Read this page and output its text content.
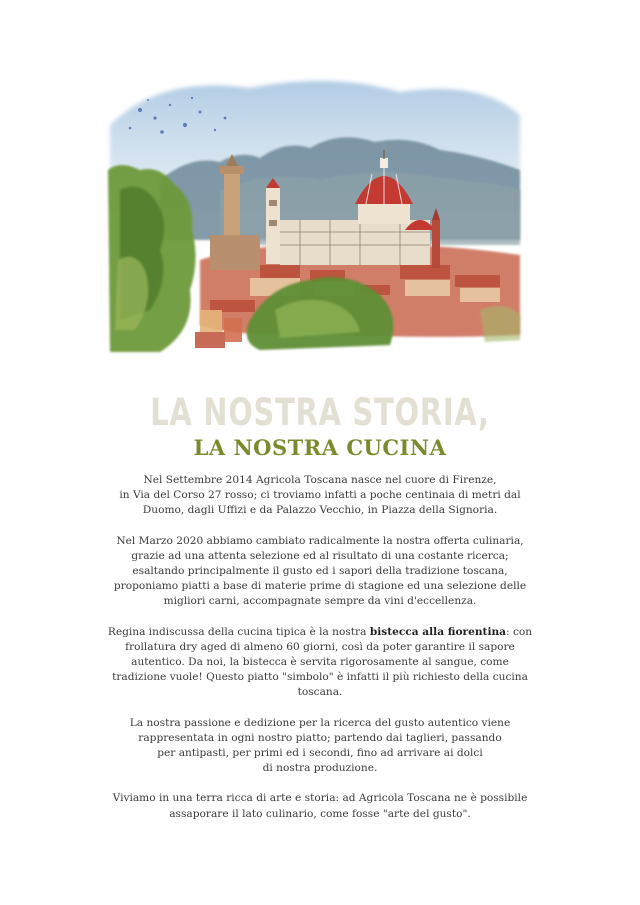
LA NOSTRA STORIA,
LA NOSTRA CUCINA

Nel Settembre 2014 Agricola Toscana nasce nel cuore di Firenze,
in Via del Corso 27 rosso; ci troviamo infatti a poche centinaia di metri dal
Duomo, dagli Uffizi e da Palazzo Vecchio, in Piazza della Signoria.

Nel Marzo 2020 abbiamo cambiato radicalmente la nostra offerta culinaria,
grazie ad una attenta selezione ed al risultato di una costante ricerca;
esaltando principalmente il gusto ed i sapori della tradizione toscana,
proponiamo piatti a base di materie prime di stagione ed una selezione delle
migliori carni, accompagnate sempre da vini d'eccellenza.

Regina indiscussa della cucina tipica è la nostra bistecca alla fiorentina: con
frollatura dry aged di almeno 60 giorni, così da poter garantire il sapore
autentico. Da noi, la bistecca è servita rigorosamente al sangue, come
tradizione vuole! Questo piatto "simbolo" è infatti il più richiesto della cucina
toscana.

La nostra passione e dedizione per la ricerca del gusto autentico viene
rappresentata in ogni nostro piatto; partendo dai taglieri, passando
per antipasti, per primi ed i secondi, fino ad arrivare ai dolci
di nostra produzione.

Viviamo in una terra ricca di arte e storia: ad Agricola Toscana ne è possibile
assaporare il lato culinario, come fosse "arte del gusto".
